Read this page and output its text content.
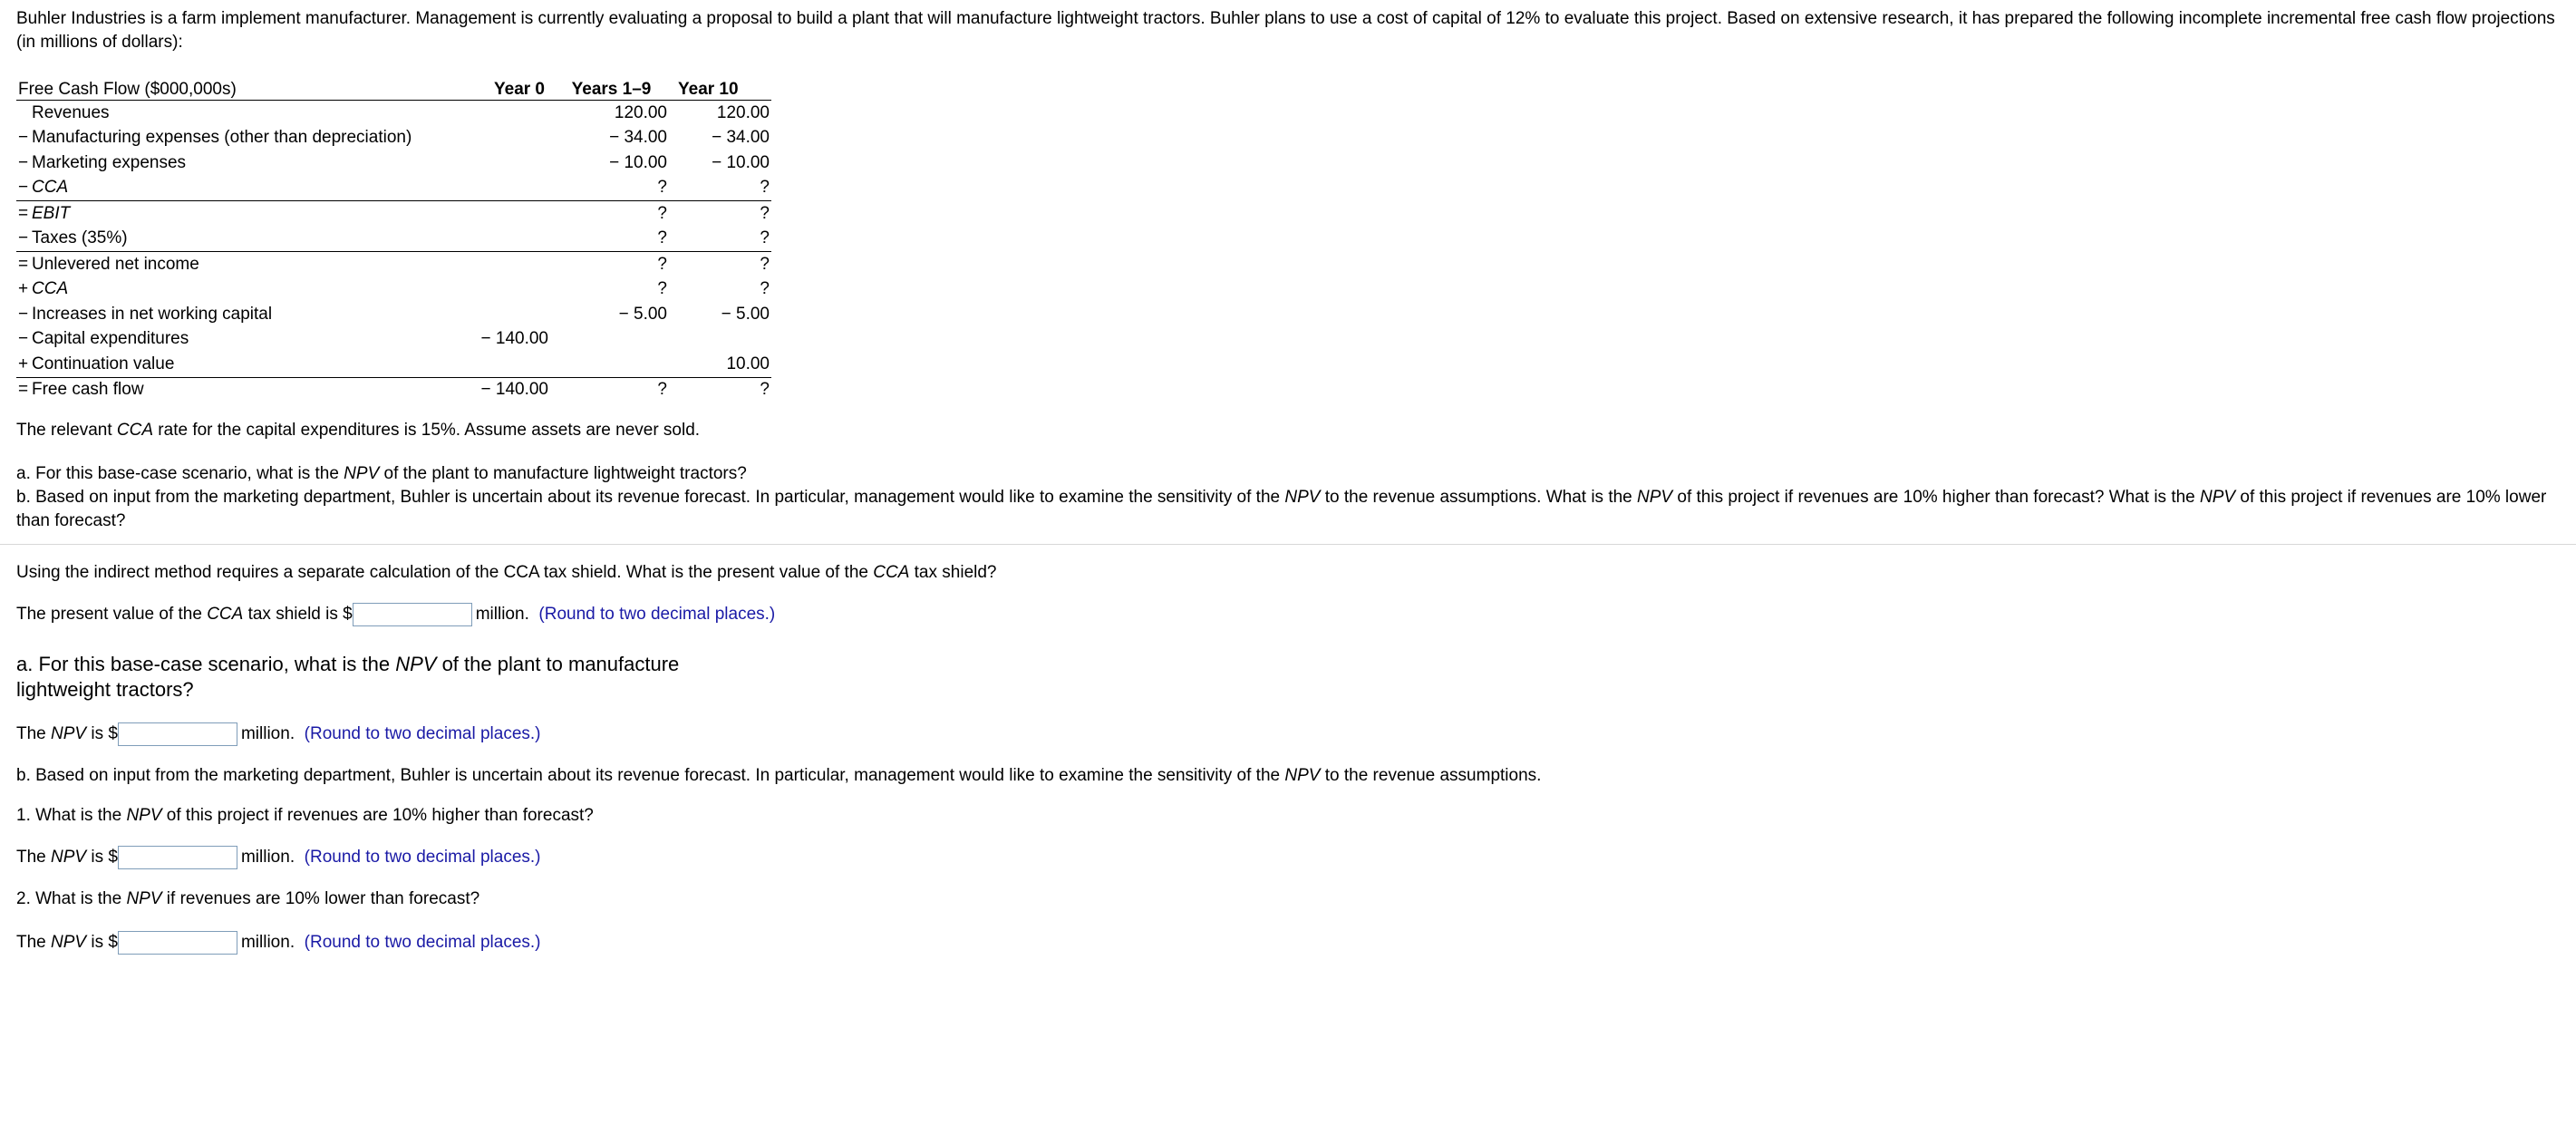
Buhler Industries is a farm implement manufacturer. Management is currently evaluating a proposal to build a plant that will manufacture lightweight tractors. Buhler plans to use a cost of capital of 12% to evaluate this project. Based on extensive research, it has prepared the following incomplete incremental free cash flow projections (in millions of dollars):

Free Cash Flow ($000,000s)	Year 0	Years 1–9	Year 10
Revenues		120.00	120.00
− Manufacturing expenses (other than depreciation)		− 34.00	− 34.00
− Marketing expenses		− 10.00	− 10.00
− CCA		?	?
= EBIT		?	?
− Taxes (35%)		?	?
= Unlevered net income		?	?
+ CCA		?	?
− Increases in net working capital		− 5.00	− 5.00
− Capital expenditures	− 140.00		
+ Continuation value			10.00
= Free cash flow	− 140.00	?	?
The relevant CCA rate for the capital expenditures is 15%. Assume assets are never sold.
a. For this base-case scenario, what is the NPV of the plant to manufacture lightweight tractors?
b. Based on input from the marketing department, Buhler is uncertain about its revenue forecast. In particular, management would like to examine the sensitivity of the NPV to the revenue assumptions. What is the NPV of this project if revenues are 10% higher than forecast? What is the NPV of this project if revenues are 10% lower than forecast?
Using the indirect method requires a separate calculation of the CCA tax shield. What is the present value of the CCA tax shield?
The present value of the CCA tax shield is $	million. (Round to two decimal places.)
a. For this base-case scenario, what is the NPV of the plant to manufacture lightweight tractors?
The NPV is $	million. (Round to two decimal places.)
b. Based on input from the marketing department, Buhler is uncertain about its revenue forecast. In particular, management would like to examine the sensitivity of the NPV to the revenue assumptions.
1. What is the NPV of this project if revenues are 10% higher than forecast?
The NPV is $	million. (Round to two decimal places.)
2. What is the NPV if revenues are 10% lower than forecast?
The NPV is $	million. (Round to two decimal places.)
